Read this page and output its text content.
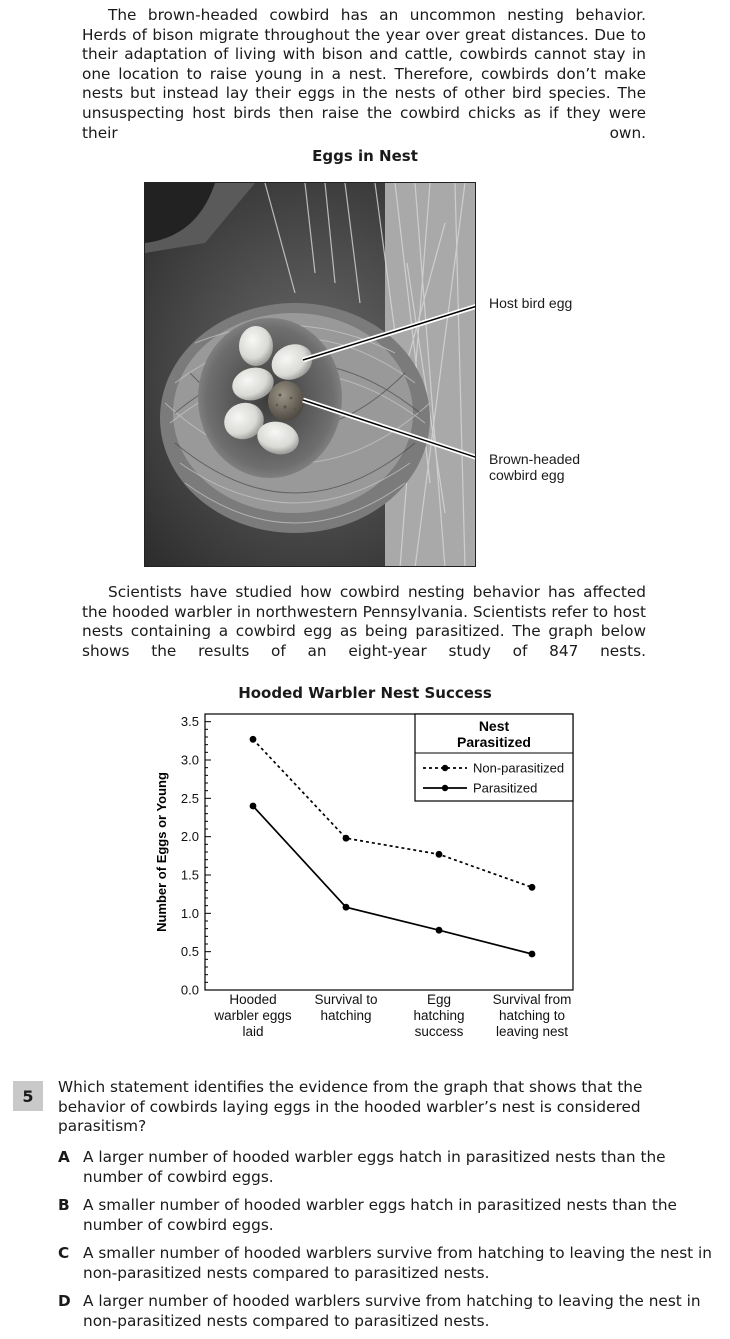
The brown-headed cowbird has an uncommon nesting behavior. Herds of bison migrate throughout the year over great distances. Due to their adaptation of living with bison and cattle, cowbirds cannot stay in one location to raise young in a nest. Therefore, cowbirds don’t make nests but instead lay their eggs in the nests of other bird species. The unsuspecting host birds then raise the cowbird chicks as if they were their own.

Eggs in Nest

Host bird egg
Brown-headed
cowbird egg

Scientists have studied how cowbird nesting behavior has affected the hooded warbler in northwestern Pennsylvania. Scientists refer to host nests containing a cowbird egg as being parasitized. The graph below shows the results of an eight-year study of 847 nests.

Hooded Warbler Nest Success

0.0
0.5
1.0
1.5
2.0
2.5
3.0
3.5
Hooded
warbler eggs
laid
Survival to
hatching
Egg
hatching
success
Survival from
hatching to
leaving nest
Nest
Parasitized
Non-parasitized
Parasitized
Number of Eggs or Young
5	Which statement identifies the evidence from the graph that shows that the behavior of cowbirds laying eggs in the hooded warbler’s nest is considered parasitism?

A A larger number of hooded warbler eggs hatch in parasitized nests than the number of cowbird eggs.
B A smaller number of hooded warbler eggs hatch in parasitized nests than the number of cowbird eggs.
C A smaller number of hooded warblers survive from hatching to leaving the nest in non-parasitized nests compared to parasitized nests.
D A larger number of hooded warblers survive from hatching to leaving the nest in non-parasitized nests compared to parasitized nests.
